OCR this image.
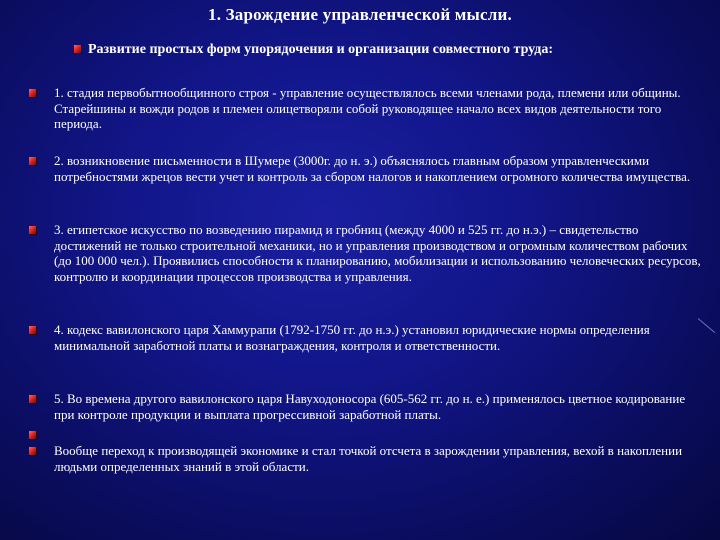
1. Зарождение управленческой мысли.
Развитие простых форм упорядочения и организации совместного труда:
1. стадия первобытнообщинного строя - управление осуществлялось всеми членами рода, племени или общины. Старейшины и вожди родов и племен олицетворяли собой руководящее начало всех видов деятельности того периода.
2. возникновение письменности в Шумере (3000г. до н. э.) объяснялось главным образом управленческими потребностями жрецов вести учет и контроль за сбором налогов и накоплением огромного количества имущества.
3. египетское искусство по возведению пирамид и гробниц (между 4000 и 525 гг. до н.э.) – свидетельство достижений не только строительной механики, но и управления производством и огромным количеством рабочих (до 100 000 чел.). Проявились способности к планированию, мобилизации и использованию человеческих ресурсов, контролю и координации процессов производства и управления.
4. кодекс вавилонского царя Хаммурапи (1792-1750 гг. до н.э.) установил юридические нормы определения минимальной заработной платы и вознаграждения, контроля и ответственности.
5. Во времена другого вавилонского царя Навуходоносора (605-562 гг. до н. е.) применялось цветное кодирование при контроле продукции и выплата прогрессивной заработной платы.
Вообще переход к производящей экономике и стал точкой отсчета в зарождении управления, вехой в накоплении людьми определенных знаний в этой области.
